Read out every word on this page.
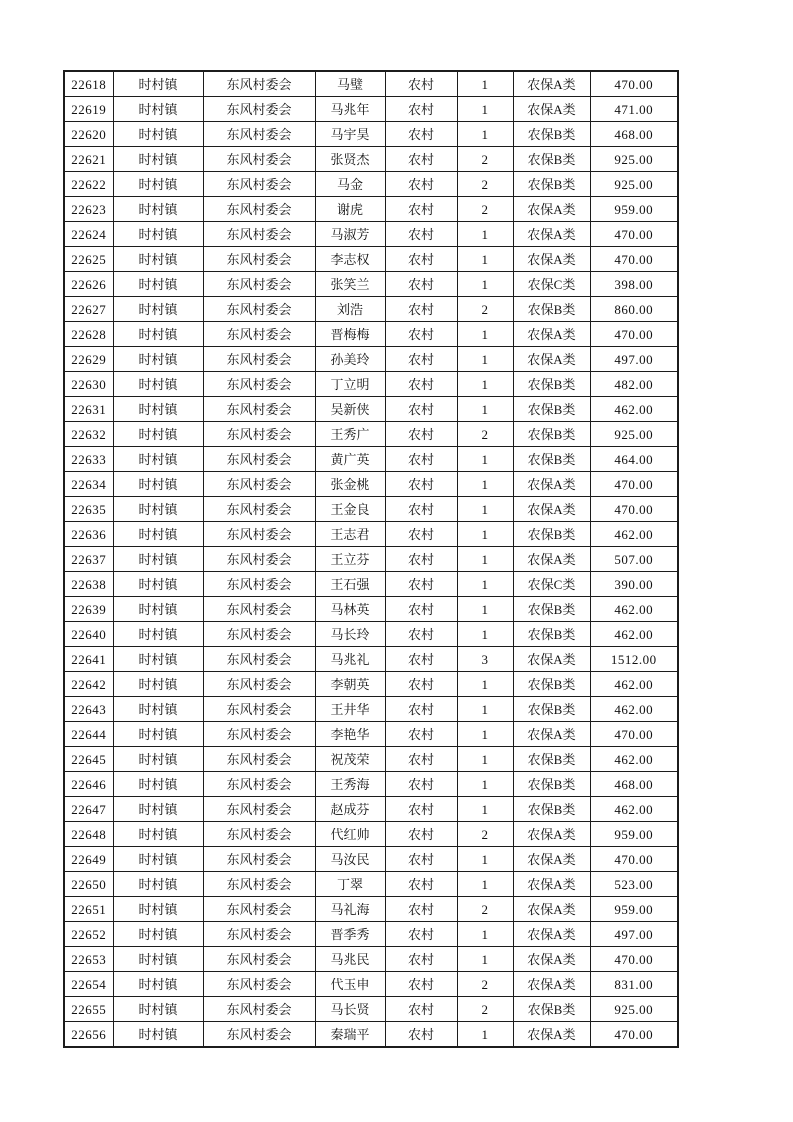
22618	时村镇	东风村委会	马璧	农村	1	农保A类	470.00
22619	时村镇	东风村委会	马兆年	农村	1	农保A类	471.00
22620	时村镇	东风村委会	马宇昊	农村	1	农保B类	468.00
22621	时村镇	东风村委会	张贤杰	农村	2	农保B类	925.00
22622	时村镇	东风村委会	马金	农村	2	农保B类	925.00
22623	时村镇	东风村委会	谢虎	农村	2	农保A类	959.00
22624	时村镇	东风村委会	马淑芳	农村	1	农保A类	470.00
22625	时村镇	东风村委会	李志权	农村	1	农保A类	470.00
22626	时村镇	东风村委会	张笑兰	农村	1	农保C类	398.00
22627	时村镇	东风村委会	刘浩	农村	2	农保B类	860.00
22628	时村镇	东风村委会	晋梅梅	农村	1	农保A类	470.00
22629	时村镇	东风村委会	孙美玲	农村	1	农保A类	497.00
22630	时村镇	东风村委会	丁立明	农村	1	农保B类	482.00
22631	时村镇	东风村委会	吴新侠	农村	1	农保B类	462.00
22632	时村镇	东风村委会	王秀广	农村	2	农保B类	925.00
22633	时村镇	东风村委会	黄广英	农村	1	农保B类	464.00
22634	时村镇	东风村委会	张金桃	农村	1	农保A类	470.00
22635	时村镇	东风村委会	王金良	农村	1	农保A类	470.00
22636	时村镇	东风村委会	王志君	农村	1	农保B类	462.00
22637	时村镇	东风村委会	王立芬	农村	1	农保A类	507.00
22638	时村镇	东风村委会	王石强	农村	1	农保C类	390.00
22639	时村镇	东风村委会	马林英	农村	1	农保B类	462.00
22640	时村镇	东风村委会	马长玲	农村	1	农保B类	462.00
22641	时村镇	东风村委会	马兆礼	农村	3	农保A类	1512.00
22642	时村镇	东风村委会	李朝英	农村	1	农保B类	462.00
22643	时村镇	东风村委会	王井华	农村	1	农保B类	462.00
22644	时村镇	东风村委会	李艳华	农村	1	农保A类	470.00
22645	时村镇	东风村委会	祝茂荣	农村	1	农保B类	462.00
22646	时村镇	东风村委会	王秀海	农村	1	农保B类	468.00
22647	时村镇	东风村委会	赵成芬	农村	1	农保B类	462.00
22648	时村镇	东风村委会	代红帅	农村	2	农保A类	959.00
22649	时村镇	东风村委会	马汝民	农村	1	农保A类	470.00
22650	时村镇	东风村委会	丁翠	农村	1	农保A类	523.00
22651	时村镇	东风村委会	马礼海	农村	2	农保A类	959.00
22652	时村镇	东风村委会	晋季秀	农村	1	农保A类	497.00
22653	时村镇	东风村委会	马兆民	农村	1	农保A类	470.00
22654	时村镇	东风村委会	代玉申	农村	2	农保A类	831.00
22655	时村镇	东风村委会	马长贤	农村	2	农保B类	925.00
22656	时村镇	东风村委会	秦瑞平	农村	1	农保A类	470.00
